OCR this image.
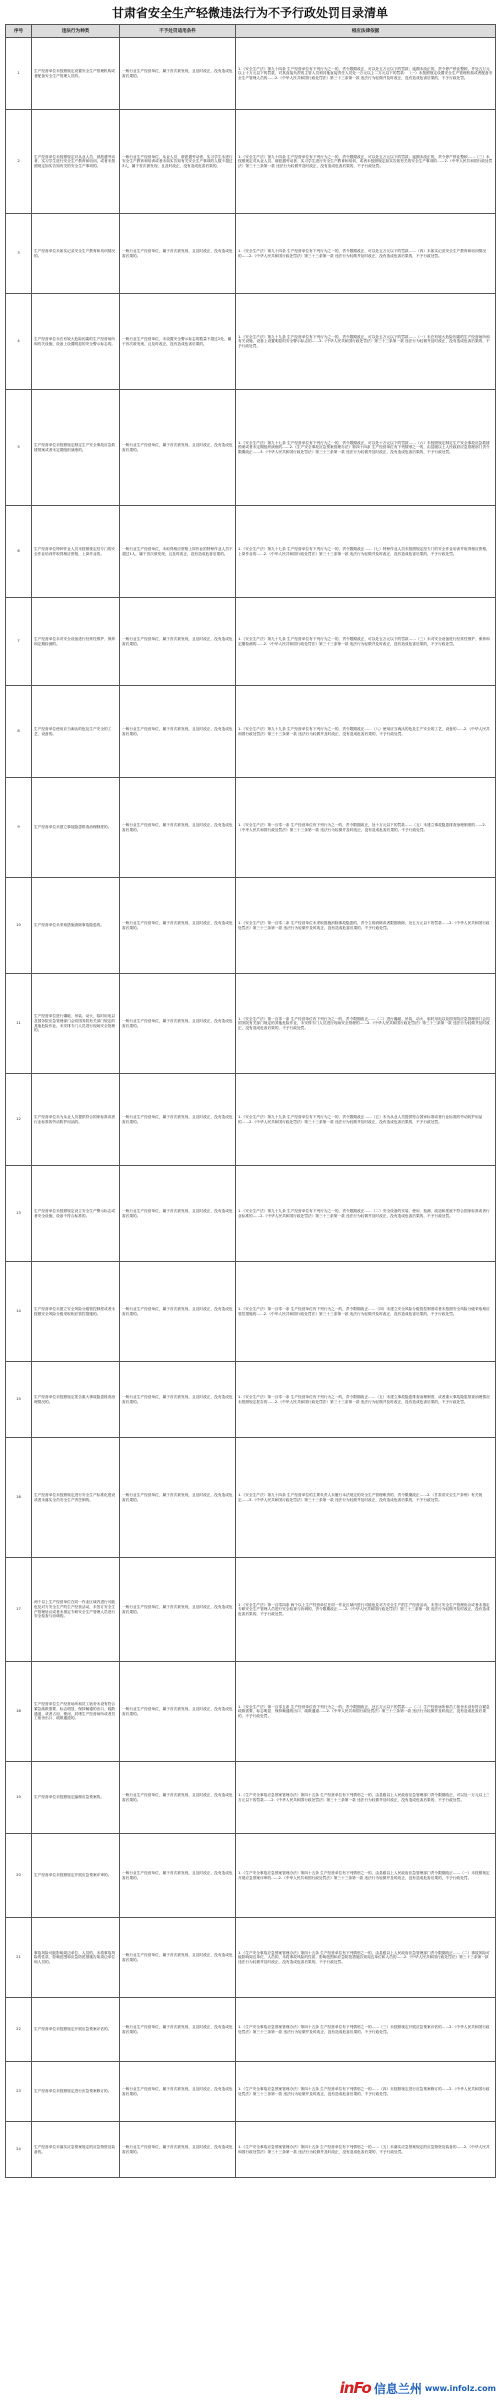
甘肃省安全生产轻微违法行为不予行政处罚目录清单
序号	违法行为种类	不予处罚适用条件	相应法律依据
1	生产经营单位未按照规定设置安全生产管理机构或者配备安全生产管理人员的。	一般行业生产经营单位，属于首次被发现，且及时改正，没有造成危害后果的。	1.《安全生产法》第九十四条 生产经营单位有下列行为之一的，责令限期改正，可以处五万元以下的罚款；逾期未改正的，责令停产停业整顿，并处五万元以上十万元以下的罚款，对其直接负责的主管人员和其他直接责任人员处一万元以上二万元以下的罚款：（一）未按照规定设置安全生产管理机构或者配备安全生产管理人员的……2.《中华人民共和国行政处罚法》第三十三条第一款 违法行为轻微并及时改正，没有造成危害后果的，不予行政处罚。
2	生产经营单位未按照规定对从业人员、被派遣劳动者、实习学生进行安全生产教育和培训，或者未按照规定如实告知有关的安全生产事项的。	一般行业生产经营单位，从业人员、被派遣劳动者、实习学生未进行安全生产教育和培训或者未如实告知有关安全生产事项的人数不超过3人，属于首次被发现，且及时改正，没有造成危害后果的。	1.《安全生产法》第九十四条 生产经营单位有下列行为之一的，责令限期改正，可以处五万元以下的罚款；逾期未改正的，责令停产停业整顿……（三）未按照规定对从业人员、被派遣劳动者、实习学生进行安全生产教育和培训，或者未按照规定如实告知有关的安全生产事项的……2.《中华人民共和国行政处罚法》第三十三条第一款 违法行为轻微并及时改正，没有造成危害后果的，不予行政处罚。
3	生产经营单位未如实记录安全生产教育和培训情况的。	一般行业生产经营单位，属于首次被发现，且及时改正，没有造成危害后果的。	1.《安全生产法》第九十四条 生产经营单位有下列行为之一的，责令限期改正，可以处五万元以下的罚款……（四）未如实记录安全生产教育和培训情况的……2.《中华人民共和国行政处罚法》第三十三条第一款 违法行为轻微并及时改正，没有造成危害后果的，不予行政处罚。
4	生产经营单位未在有较大危险因素的生产经营场所和有关设施、设备上设置明显的安全警示标志的。	一般行业生产经营单位，未设置安全警示标志的数量不超过2处，属于首次被发现，且及时改正，没有造成危害后果的。	1.《安全生产法》第九十九条 生产经营单位有下列行为之一的，责令限期改正，可以处五万元以下的罚款……（一）未在有较大危险因素的生产经营场所和有关设施、设备上设置明显的安全警示标志的……2.《中华人民共和国行政处罚法》第三十三条第一款 违法行为轻微并及时改正，没有造成危害后果的，不予行政处罚。
5	生产经营单位未按照规定制定生产安全事故应急救援预案或者未定期组织演练的。	一般行业生产经营单位，属于首次被发现，且及时改正，没有造成危害后果的。	1.《安全生产法》第九十七条 生产经营单位有下列行为之一的，责令限期改正，可以处十万元以下的罚款……（六）未按照规定制定生产安全事故应急救援预案或者未定期组织演练的……2.《生产安全事故应急预案管理办法》第四十四条 生产经营单位有下列情形之一的，由县级以上人民政府应急管理部门责令限期改正……3.《中华人民共和国行政处罚法》第三十三条第一款 违法行为轻微并及时改正，没有造成危害后果的，不予行政处罚。
6	生产经营单位特种作业人员未按照规定经专门的安全作业培训并取得相应资格，上岗作业的。	一般行业生产经营单位，未取得相应资格上岗作业的特种作业人员不超过1人，属于首次被发现，且及时改正，没有造成危害后果的。	1.《安全生产法》第九十七条 生产经营单位有下列行为之一的，责令限期改正……（七）特种作业人员未按照规定经专门的安全作业培训并取得相应资格，上岗作业的……2.《中华人民共和国行政处罚法》第三十三条第一款 违法行为轻微并及时改正，没有造成危害后果的，不予行政处罚。
7	生产经营单位未对安全设备进行经常性维护、保养和定期检测的。	一般行业生产经营单位，属于首次被发现，且及时改正，没有造成危害后果的。	1.《安全生产法》第九十九条 生产经营单位有下列行为之一的，责令限期改正，可以处五万元以下的罚款……（三）未对安全设备进行经常性维护、保养和定期检测的……2.《中华人民共和国行政处罚法》第三十三条第一款 违法行为轻微并及时改正，没有造成危害后果的，不予行政处罚。
8	生产经营单位使用应当淘汰的危及生产安全的工艺、设备的。	一般行业生产经营单位，属于首次被发现，且及时改正，没有造成危害后果的。	1.《安全生产法》第九十九条 生产经营单位有下列行为之一的，责令限期改正……（八）使用应当淘汰的危及生产安全的工艺、设备的……2.《中华人民共和国行政处罚法》第三十三条第一款 违法行为轻微并及时改正，没有造成危害后果的，不予行政处罚。
9	生产经营单位未建立事故隐患排查治理制度的。	一般行业生产经营单位，属于首次被发现，且及时改正，没有造成危害后果的。	1.《安全生产法》第一百零一条 生产经营单位有下列行为之一的，责令限期改正，处十万元以下的罚款……（五）未建立事故隐患排查治理制度的……2.《中华人民共和国行政处罚法》第三十三条第一款 违法行为轻微并及时改正，没有造成危害后果的，不予行政处罚。
10	生产经营单位未采取措施消除事故隐患的。	一般行业生产经营单位，属于首次被发现，且及时改正，没有造成危害后果的。	1.《安全生产法》第一百零二条 生产经营单位未采取措施消除事故隐患的，责令立即消除或者限期消除，处五万元以下的罚款……2.《中华人民共和国行政处罚法》第三十三条第一款 违法行为轻微并及时改正，没有造成危害后果的，不予行政处罚。
11	生产经营单位进行爆破、吊装、动火、临时用电以及国务院应急管理部门会同国务院有关部门规定的其他危险作业，未安排专门人员进行现场安全管理的。	一般行业生产经营单位，属于首次被发现，且及时改正，没有造成危害后果的。	1.《安全生产法》第一百零一条 生产经营单位有下列行为之一的，责令限期改正……（二）进行爆破、吊装、动火、临时用电以及国务院应急管理部门会同国务院有关部门规定的其他危险作业，未安排专门人员进行现场安全管理的……2.《中华人民共和国行政处罚法》第三十三条第一款 违法行为轻微并及时改正，没有造成危害后果的，不予行政处罚。
12	生产经营单位未为从业人员提供符合国家标准或者行业标准的劳动防护用品的。	一般行业生产经营单位，属于首次被发现，且及时改正，没有造成危害后果的。	1.《安全生产法》第九十九条 生产经营单位有下列行为之一的，责令限期改正……（五）未为从业人员提供符合国家标准或者行业标准的劳动防护用品的……2.《中华人民共和国行政处罚法》第三十三条第一款 违法行为轻微并及时改正，没有造成危害后果的，不予行政处罚。
13	生产经营单位未按照规定设立安全生产警示标志或者安全设施、设备不符合标准的。	一般行业生产经营单位，属于首次被发现，且及时改正，没有造成危害后果的。	1.《安全生产法》第九十九条 生产经营单位有下列行为之一的，责令限期改正……（二）安全设备的安装、使用、检测、改造和报废不符合国家标准或者行业标准的……2.《中华人民共和国行政处罚法》第三十三条第一款 违法行为轻微并及时改正，没有造成危害后果的，不予行政处罚。
14	生产经营单位未建立安全风险分级管控制度或者未按照安全风险分级采取相应管控措施的。	一般行业生产经营单位，属于首次被发现，且及时改正，没有造成危害后果的。	1.《安全生产法》第一百零一条 生产经营单位有下列行为之一的，责令限期改正……（四）未建立安全风险分级管控制度或者未按照安全风险分级采取相应管控措施的……2.《中华人民共和国行政处罚法》第三十三条第一款 违法行为轻微并及时改正，没有造成危害后果的，不予行政处罚。
15	生产经营单位未按照规定报告重大事故隐患排查治理情况的。	一般行业生产经营单位，属于首次被发现，且及时改正，没有造成危害后果的。	1.《安全生产法》第一百零一条 生产经营单位有下列行为之一的，责令限期改正……（五）未建立事故隐患排查治理制度，或者重大事故隐患排查治理情况未按照规定报告的……2.《中华人民共和国行政处罚法》第三十三条第一款 违法行为轻微并及时改正，没有造成危害后果的，不予行政处罚。
16	生产经营单位未按照规定进行安全生产标准化建设或者未落实全员安全生产责任制的。	一般行业生产经营单位，属于首次被发现，且及时改正，没有造成危害后果的。	1.《安全生产法》第九十四条 生产经营单位的主要负责人未履行本法规定的安全生产管理职责的，责令限期改正……2.《甘肃省安全生产条例》有关规定……3.《中华人民共和国行政处罚法》第三十三条第一款 违法行为轻微并及时改正，没有造成危害后果的，不予行政处罚。
17	两个以上生产经营单位在同一作业区域内进行可能危及对方安全生产的生产经营活动，未签订安全生产管理协议或者未指定专职安全生产管理人员进行安全检查与协调的。	一般行业生产经营单位，属于首次被发现，且及时改正，没有造成危害后果的。	1.《安全生产法》第一百零四条 两个以上生产经营单位在同一作业区域内进行可能危及对方安全生产的生产经营活动，未签订安全生产管理协议或者未指定专职安全生产管理人员进行安全检查与协调的，责令限期改正……2.《中华人民共和国行政处罚法》第三十三条第一款 违法行为轻微并及时改正，没有造成危害后果的，不予行政处罚。
18	生产经营单位生产经营场所和员工宿舍未设有符合紧急疏散需要、标志明显、保持畅通的出口、疏散通道，或者占用、锁闭、封堵生产经营场所或者员工宿舍出口、疏散通道的。	一般行业生产经营单位，属于首次被发现，且及时改正，没有造成危害后果的。	1.《安全生产法》第一百零五条 生产经营单位有下列行为之一的，责令限期改正，处五万元以下的罚款……（二）生产经营场所和员工宿舍未设有符合紧急疏散需要、标志明显、保持畅通的出口、疏散通道……2.《中华人民共和国行政处罚法》第三十三条第一款 违法行为轻微并及时改正，没有造成危害后果的，不予行政处罚。
19	生产经营单位未按照规定编制应急预案的。	一般行业生产经营单位，属于首次被发现，且及时改正，没有造成危害后果的。	1.《生产安全事故应急预案管理办法》第四十五条 生产经营单位有下列情形之一的，由县级以上人民政府应急管理部门责令限期改正，可以处一万元以上三万元以下的罚款……2.《中华人民共和国行政处罚法》第三十三条第一款 违法行为轻微并及时改正，没有造成危害后果的，不予行政处罚。
20	生产经营单位未按照规定开展应急预案评审的。	一般行业生产经营单位，属于首次被发现，且及时改正，没有造成危害后果的。	1.《生产安全事故应急预案管理办法》第四十五条 生产经营单位有下列情形之一的，由县级以上人民政府应急管理部门责令限期改正……（一）未按照规定开展应急预案评审的……2.《中华人民共和国行政处罚法》第三十三条第一款 违法行为轻微并及时改正，没有造成危害后果的，不予行政处罚。
21	事故风险可能影响周边单位、人员的，未将事故风险的性质、影响范围和应急防范措施告知周边单位和人员的。	一般行业生产经营单位，属于首次被发现，且及时改正，没有造成危害后果的。	1.《生产安全事故应急预案管理办法》第四十五条 生产经营单位有下列情形之一的，由县级以上人民政府应急管理部门责令限期改正……（二）事故风险可能影响周边单位、人员的，未将事故风险的性质、影响范围和应急防范措施告知周边单位和人员的……2.《中华人民共和国行政处罚法》第三十三条第一款 违法行为轻微并及时改正，没有造成危害后果的，不予行政处罚。
22	生产经营单位未按照规定开展应急预案评估的。	一般行业生产经营单位，属于首次被发现，且及时改正，没有造成危害后果的。	1.《生产安全事故应急预案管理办法》第四十五条 生产经营单位有下列情形之一的……（三）未按照规定开展应急预案评估的……2.《中华人民共和国行政处罚法》第三十三条第一款 违法行为轻微并及时改正，没有造成危害后果的，不予行政处罚。
23	生产经营单位未按照规定进行应急预案修订的。	一般行业生产经营单位，属于首次被发现，且及时改正，没有造成危害后果的。	1.《生产安全事故应急预案管理办法》第四十五条 生产经营单位有下列情形之一的……（四）未按照规定进行应急预案修订的……2.《中华人民共和国行政处罚法》第三十三条第一款 违法行为轻微并及时改正，没有造成危害后果的，不予行政处罚。
24	生产经营单位未落实应急预案规定的应急物资及装备的。	一般行业生产经营单位，属于首次被发现，且及时改正，没有造成危害后果的。	1.《生产安全事故应急预案管理办法》第四十五条 生产经营单位有下列情形之一的……（五）未落实应急预案规定的应急物资及装备的……2.《中华人民共和国行政处罚法》第三十三条第一款 违法行为轻微并及时改正，没有造成危害后果的，不予行政处罚。
inFo 信息兰州 www.infolz.com
